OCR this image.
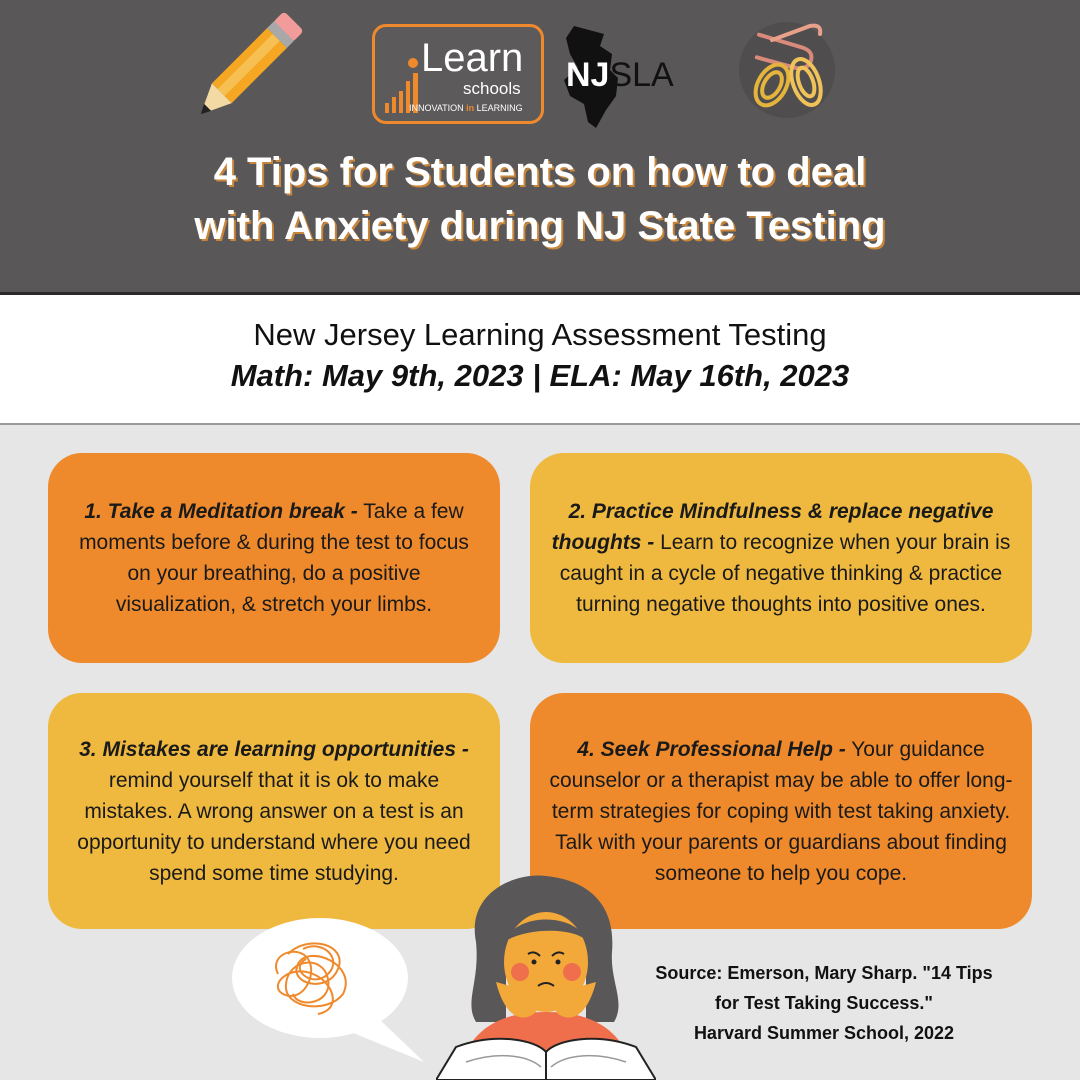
Learn
schools
INNOVATION in LEARNING
NJSLA
4 Tips for Students on how to deal
with Anxiety during NJ State Testing
New Jersey Learning Assessment Testing
Math: May 9th, 2023 | ELA: May 16th, 2023
1. Take a Meditation break - Take a few moments before & during the test to focus on your breathing, do a positive visualization, & stretch your limbs.
2. Practice Mindfulness & replace negative thoughts - Learn to recognize when your brain is caught in a cycle of negative thinking & practice turning negative thoughts into positive ones.
3. Mistakes are learning opportunities - remind yourself that it is ok to make mistakes. A wrong answer on a test is an opportunity to understand where you need spend some time studying.
4. Seek Professional Help - Your guidance counselor or a therapist may be able to offer long-term strategies for coping with test taking anxiety. Talk with your parents or guardians about finding someone to help you cope.
Source: Emerson, Mary Sharp. "14 Tips
for Test Taking Success."
Harvard Summer School, 2022
